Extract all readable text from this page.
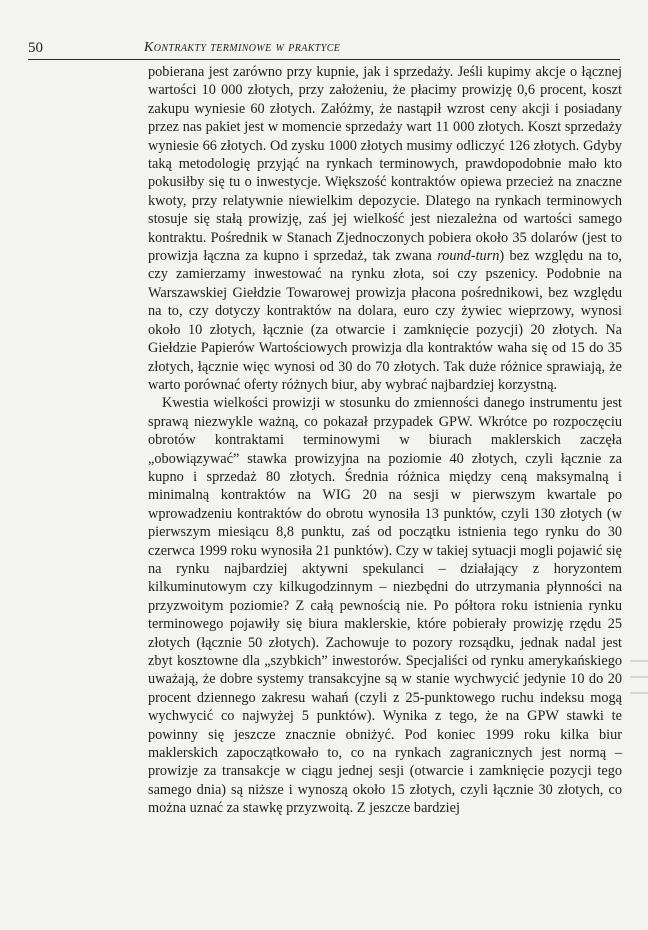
50	Kontrakty terminowe w praktyce

pobierana jest zarówno przy kupnie, jak i sprzedaży. Jeśli kupimy akcje o łącznej wartości 10 000 złotych, przy założeniu, że płacimy prowizję 0,6 procent, koszt zakupu wyniesie 60 złotych. Załóżmy, że nastąpił wzrost ceny akcji i posiadany przez nas pakiet jest w momencie sprzedaży wart 11 000 złotych. Koszt sprzedaży wyniesie 66 złotych. Od zysku 1000 złotych musimy odliczyć 126 złotych. Gdyby taką metodologię przyjąć na rynkach terminowych, prawdopodobnie mało kto pokusiłby się tu o inwestycje. Większość kontraktów opiewa przecież na znaczne kwoty, przy relatywnie niewielkim depozycie. Dlatego na rynkach terminowych stosuje się stałą prowizję, zaś jej wielkość jest niezależna od wartości samego kontraktu. Pośrednik w Stanach Zjednoczonych pobiera około 35 dolarów (jest to prowizja łączna za kupno i sprzedaż, tak zwana round-turn) bez względu na to, czy zamierzamy inwestować na rynku złota, soi czy pszenicy. Podobnie na Warszawskiej Giełdzie Towarowej prowizja płacona pośrednikowi, bez względu na to, czy dotyczy kontraktów na dolara, euro czy żywiec wieprzowy, wynosi około 10 złotych, łącznie (za otwarcie i zamknięcie pozycji) 20 złotych. Na Giełdzie Papierów Wartościowych prowizja dla kontraktów waha się od 15 do 35 złotych, łącznie więc wynosi od 30 do 70 złotych. Tak duże różnice sprawiają, że warto porównać oferty różnych biur, aby wybrać najbardziej korzystną.

Kwestia wielkości prowizji w stosunku do zmienności danego instrumentu jest sprawą niezwykle ważną, co pokazał przypadek GPW. Wkrótce po rozpoczęciu obrotów kontraktami terminowymi w biurach maklerskich zaczęła „obowiązywać” stawka prowizyjna na poziomie 40 złotych, czyli łącznie za kupno i sprzedaż 80 złotych. Średnia różnica między ceną maksymalną i minimalną kontraktów na WIG 20 na sesji w pierwszym kwartale po wprowadzeniu kontraktów do obrotu wynosiła 13 punktów, czyli 130 złotych (w pierwszym miesiącu 8,8 punktu, zaś od początku istnienia tego rynku do 30 czerwca 1999 roku wynosiła 21 punktów). Czy w takiej sytuacji mogli pojawić się na rynku najbardziej aktywni spekulanci – działający z horyzontem kilkuminutowym czy kilkugodzinnym – niezbędni do utrzymania płynności na przyzwoitym poziomie? Z całą pewnością nie. Po półtora roku istnienia rynku terminowego pojawiły się biura maklerskie, które pobierały prowizję rzędu 25 złotych (łącznie 50 złotych). Zachowuje to pozory rozsądku, jednak nadal jest zbyt kosztowne dla „szybkich” inwestorów. Specjaliści od rynku amerykańskiego uważają, że dobre systemy transakcyjne są w stanie wychwycić jedynie 10 do 20 procent dziennego zakresu wahań (czyli z 25-punktowego ruchu indeksu mogą wychwycić co najwyżej 5 punktów). Wynika z tego, że na GPW stawki te powinny się jeszcze znacznie obniżyć. Pod koniec 1999 roku kilka biur maklerskich zapoczątkowało to, co na rynkach zagranicznych jest normą – prowizje za transakcje w ciągu jednej sesji (otwarcie i zamknięcie pozycji tego samego dnia) są niższe i wynoszą około 15 złotych, czyli łącznie 30 złotych, co można uznać za stawkę przyzwoitą. Z jeszcze bardziej
